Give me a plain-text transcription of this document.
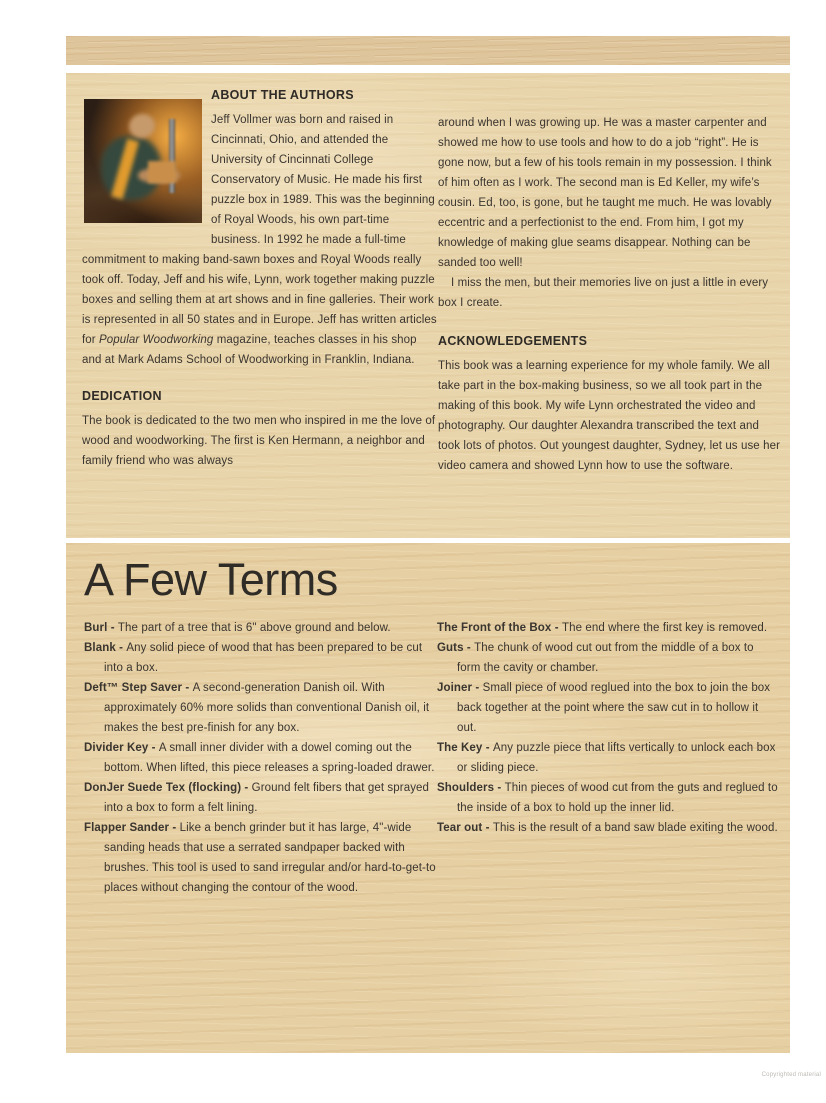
ABOUT THE AUTHORS

Jeff Vollmer was born and raised in Cincinnati, Ohio, and attended the University of Cincinnati College Conservatory of Music. He made his first puzzle box in 1989. This was the beginning of Royal Woods, his own part-time business. In 1992 he made a full-time commitment to making band-sawn boxes and Royal Woods really took off. Today, Jeff and his wife, Lynn, work together making puzzle boxes and selling them at art shows and in fine galleries. Their work is represented in all 50 states and in Europe. Jeff has written articles for Popular Woodworking magazine, teaches classes in his shop and at Mark Adams School of Woodworking in Franklin, Indiana.

DEDICATION

The book is dedicated to the two men who inspired in me the love of wood and woodworking. The first is Ken Hermann, a neighbor and family friend who was always

around when I was growing up. He was a master carpenter and showed me how to use tools and how to do a job “right”. He is gone now, but a few of his tools remain in my possession. I think of him often as I work. The second man is Ed Keller, my wife’s cousin. Ed, too, is gone, but he taught me much. He was lovably eccentric and a perfectionist to the end. From him, I got my knowledge of making glue seams disappear. Nothing can be sanded too well!

I miss the men, but their memories live on just a little in every box I create.

ACKNOWLEDGEMENTS

This book was a learning experience for my whole family. We all take part in the box-making business, so we all took part in the making of this book. My wife Lynn orchestrated the video and photography. Our daughter Alexandra transcribed the text and took lots of photos. Out youngest daughter, Sydney, let us use her video camera and showed Lynn how to use the software.

A Few Terms
Burl - The part of a tree that is 6" above ground and below.
Blank - Any solid piece of wood that has been prepared to be cut into a box.
Deft™ Step Saver - A second-generation Danish oil. With approximately 60% more solids than conventional Danish oil, it makes the best pre-finish for any box.
Divider Key - A small inner divider with a dowel coming out the bottom. When lifted, this piece releases a spring-loaded drawer.
DonJer Suede Tex (flocking) - Ground felt fibers that get sprayed into a box to form a felt lining.
Flapper Sander - Like a bench grinder but it has large, 4"-wide sanding heads that use a serrated sandpaper backed with brushes. This tool is used to sand irregular and/or hard-to-get-to places without changing the contour of the wood.
The Front of the Box - The end where the first key is removed.
Guts - The chunk of wood cut out from the middle of a box to form the cavity or chamber.
Joiner - Small piece of wood reglued into the box to join the box back together at the point where the saw cut in to hollow it out.
The Key - Any puzzle piece that lifts vertically to unlock each box or sliding piece.
Shoulders - Thin pieces of wood cut from the guts and reglued to the inside of a box to hold up the inner lid.
Tear out - This is the result of a band saw blade exiting the wood.
Copyrighted material
